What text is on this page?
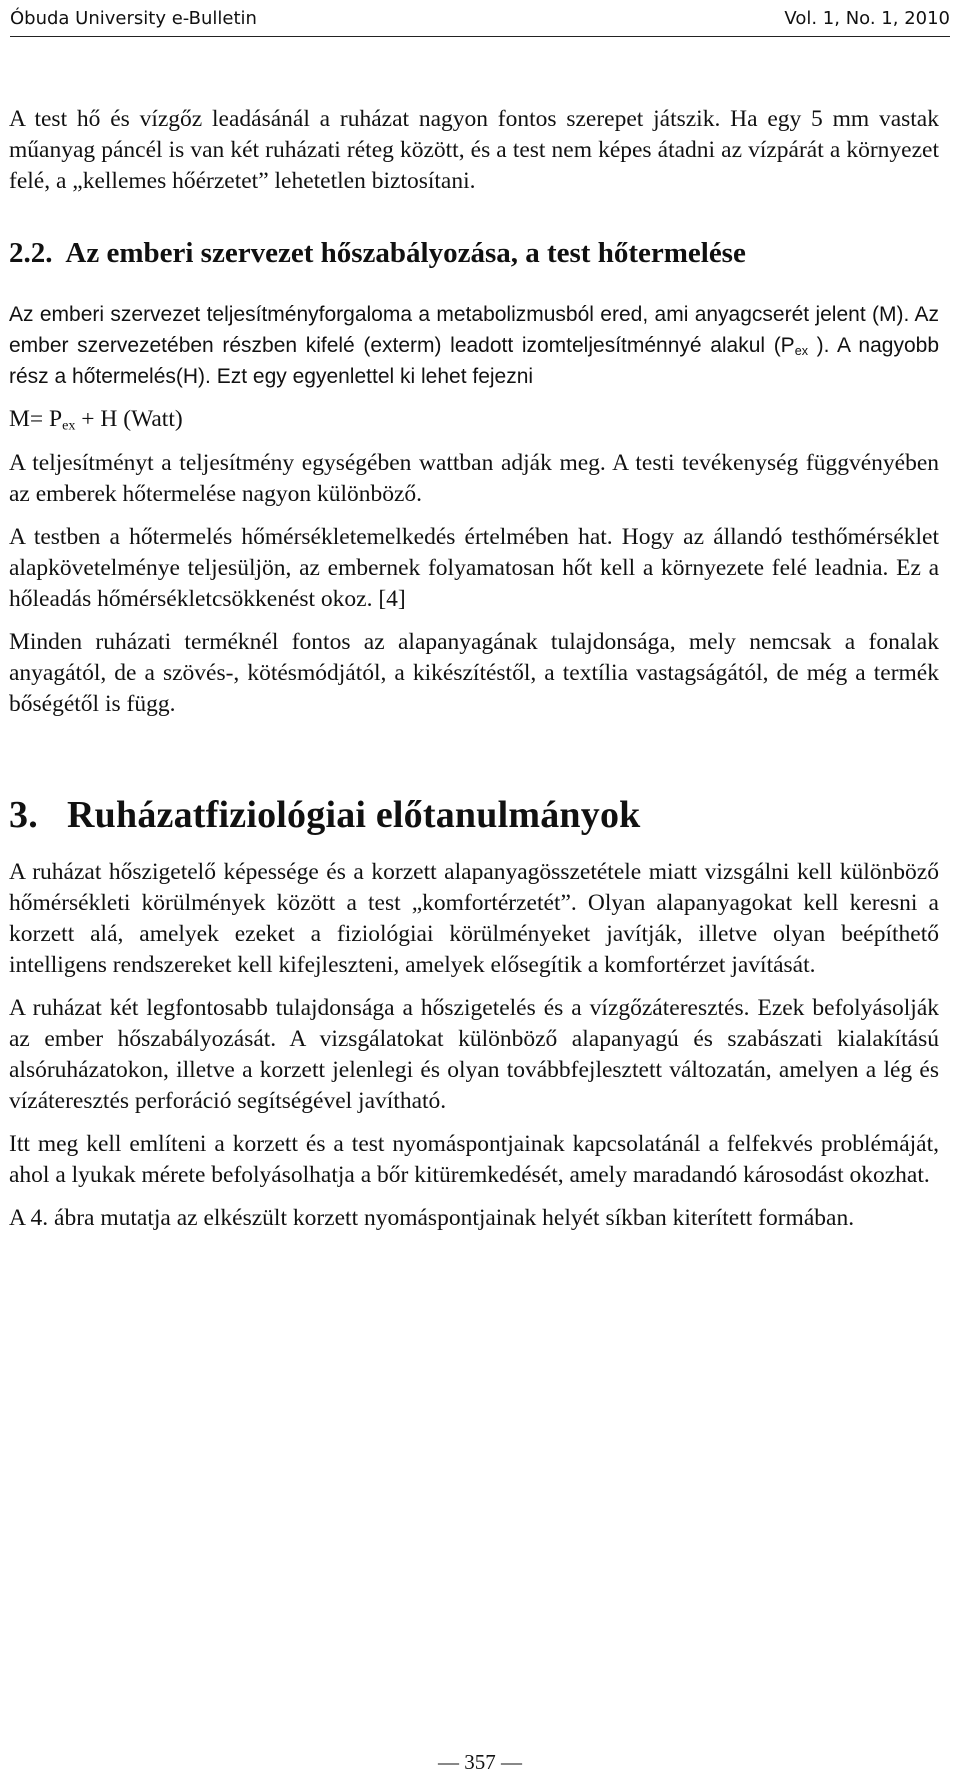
Óbuda University e-Bulletin	Vol. 1, No. 1, 2010

A test hő és vízgőz leadásánál a ruházat nagyon fontos szerepet játszik. Ha egy 5 mm vastak műanyag páncél is van két ruházati réteg között, és a test nem képes átadni az vízpárát a környezet felé, a „kellemes hőérzetet” lehetetlen biztosítani.

2.2. Az emberi szervezet hőszabályozása, a test hőtermelése

Az emberi szervezet teljesítményforgaloma a metabolizmusból ered, ami anyagcserét jelent (M). Az ember szervezetében részben kifelé (exterm) leadott izomteljesítménnyé alakul ($P_{ex}$ ). A nagyobb rész a hőtermelés(H). Ezt egy egyenlettel ki lehet fejezni

$M= P_{ex} + H$ (Watt)

A teljesítményt a teljesítmény egységében wattban adják meg. A testi tevékenység függvényében az emberek hőtermelése nagyon különböző.

A testben a hőtermelés hőmérsékletemelkedés értelmében hat. Hogy az állandó testhőmérséklet alapkövetelménye teljesüljön, az embernek folyamatosan hőt kell a környezete felé leadnia. Ez a hőleadás hőmérsékletcsökkenést okoz. [4]

Minden ruházati terméknél fontos az alapanyagának tulajdonsága, mely nemcsak a fonalak anyagától, de a szövés-, kötésmódjától, a kikészítéstől, a textília vastagságától, de még a termék bőségétől is függ.

3. Ruházatfiziológiai előtanulmányok

A ruházat hőszigetelő képessége és a korzett alapanyagösszetétele miatt vizsgálni kell különböző hőmérsékleti körülmények között a test „komfortérzetét”. Olyan alapanyagokat kell keresni a korzett alá, amelyek ezeket a fiziológiai körülményeket javítják, illetve olyan beépíthető intelligens rendszereket kell kifejleszteni, amelyek elősegítik a komfortérzet javítását.

A ruházat két legfontosabb tulajdonsága a hőszigetelés és a vízgőzáteresztés. Ezek befolyásolják az ember hőszabályozását. A vizsgálatokat különböző alapanyagú és szabászati kialakítású alsóruházatokon, illetve a korzett jelenlegi és olyan továbbfejlesztett változatán, amelyen a lég és vízáteresztés perforáció segítségével javítható.

Itt meg kell említeni a korzett és a test nyomáspontjainak kapcsolatánál a felfekvés problémáját, ahol a lyukak mérete befolyásolhatja a bőr kitüremkedését, amely maradandó károsodást okozhat.

A 4. ábra mutatja az elkészült korzett nyomáspontjainak helyét síkban kiterített formában.

— 357 —
